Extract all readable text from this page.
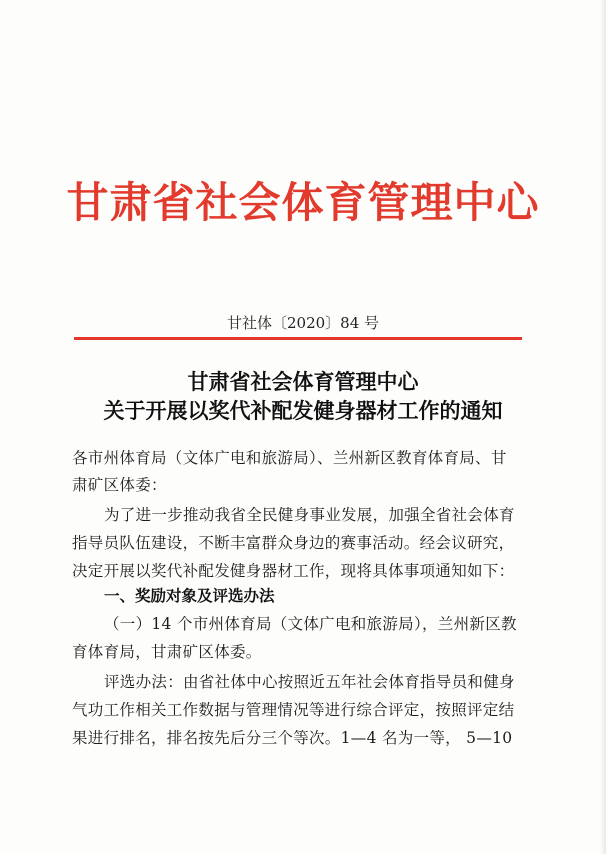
甘肃省社会体育管理中心
甘社体〔2020〕84 号
甘肃省社会体育管理中心
关于开展以奖代补配发健身器材工作的通知
各市州体育局（文体广电和旅游局）、兰州新区教育体育局、甘
肃矿区体委：
为了进一步推动我省全民健身事业发展，加强全省社会体育
指导员队伍建设，不断丰富群众身边的赛事活动。经会议研究，
决定开展以奖代补配发健身器材工作，现将具体事项通知如下：
一、奖励对象及评选办法
（一）14 个市州体育局（文体广电和旅游局），兰州新区教
育体育局，甘肃矿区体委。
评选办法：由省社体中心按照近五年社会体育指导员和健身
气功工作相关工作数据与管理情况等进行综合评定，按照评定结
果进行排名，排名按先后分三个等次。1—4 名为一等， 5—10
